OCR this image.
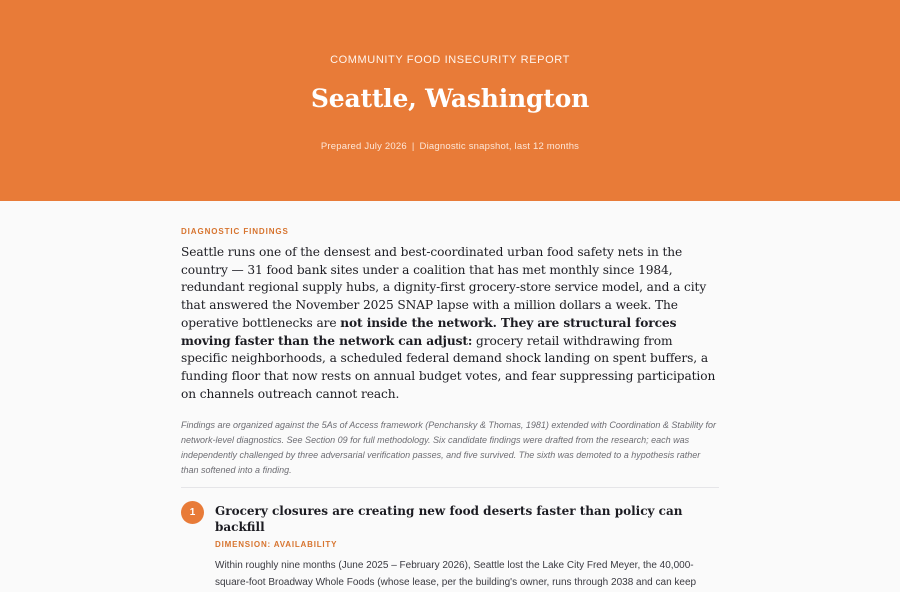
COMMUNITY FOOD INSECURITY REPORT
Seattle, Washington
Prepared July 2026 | Diagnostic snapshot, last 12 months
DIAGNOSTIC FINDINGS

Seattle runs one of the densest and best-coordinated urban food safety nets in the country — 31 food bank sites under a coalition that has met monthly since 1984, redundant regional supply hubs, a dignity-first grocery-store service model, and a city that answered the November 2025 SNAP lapse with a million dollars a week. The operative bottlenecks are not inside the network. They are structural forces moving faster than the network can adjust: grocery retail withdrawing from specific neighborhoods, a scheduled federal demand shock landing on spent buffers, a funding floor that now rests on annual budget votes, and fear suppressing participation on channels outreach cannot reach.

Findings are organized against the 5As of Access framework (Penchansky & Thomas, 1981) extended with Coordination & Stability for network-level diagnostics. See Section 09 for full methodology. Six candidate findings were drafted from the research; each was independently challenged by three adversarial verification passes, and five survived. The sixth was demoted to a hypothesis rather than softened into a finding.

1	Grocery closures are creating new food deserts faster than policy can backfill
DIMENSION: AVAILABILITY
Within roughly nine months (June 2025 – February 2026), Seattle lost the Lake City Fred Meyer, the 40,000-square-foot Broadway Whole Foods (whose lease, per the building's owner, runs through 2038 and can keep
